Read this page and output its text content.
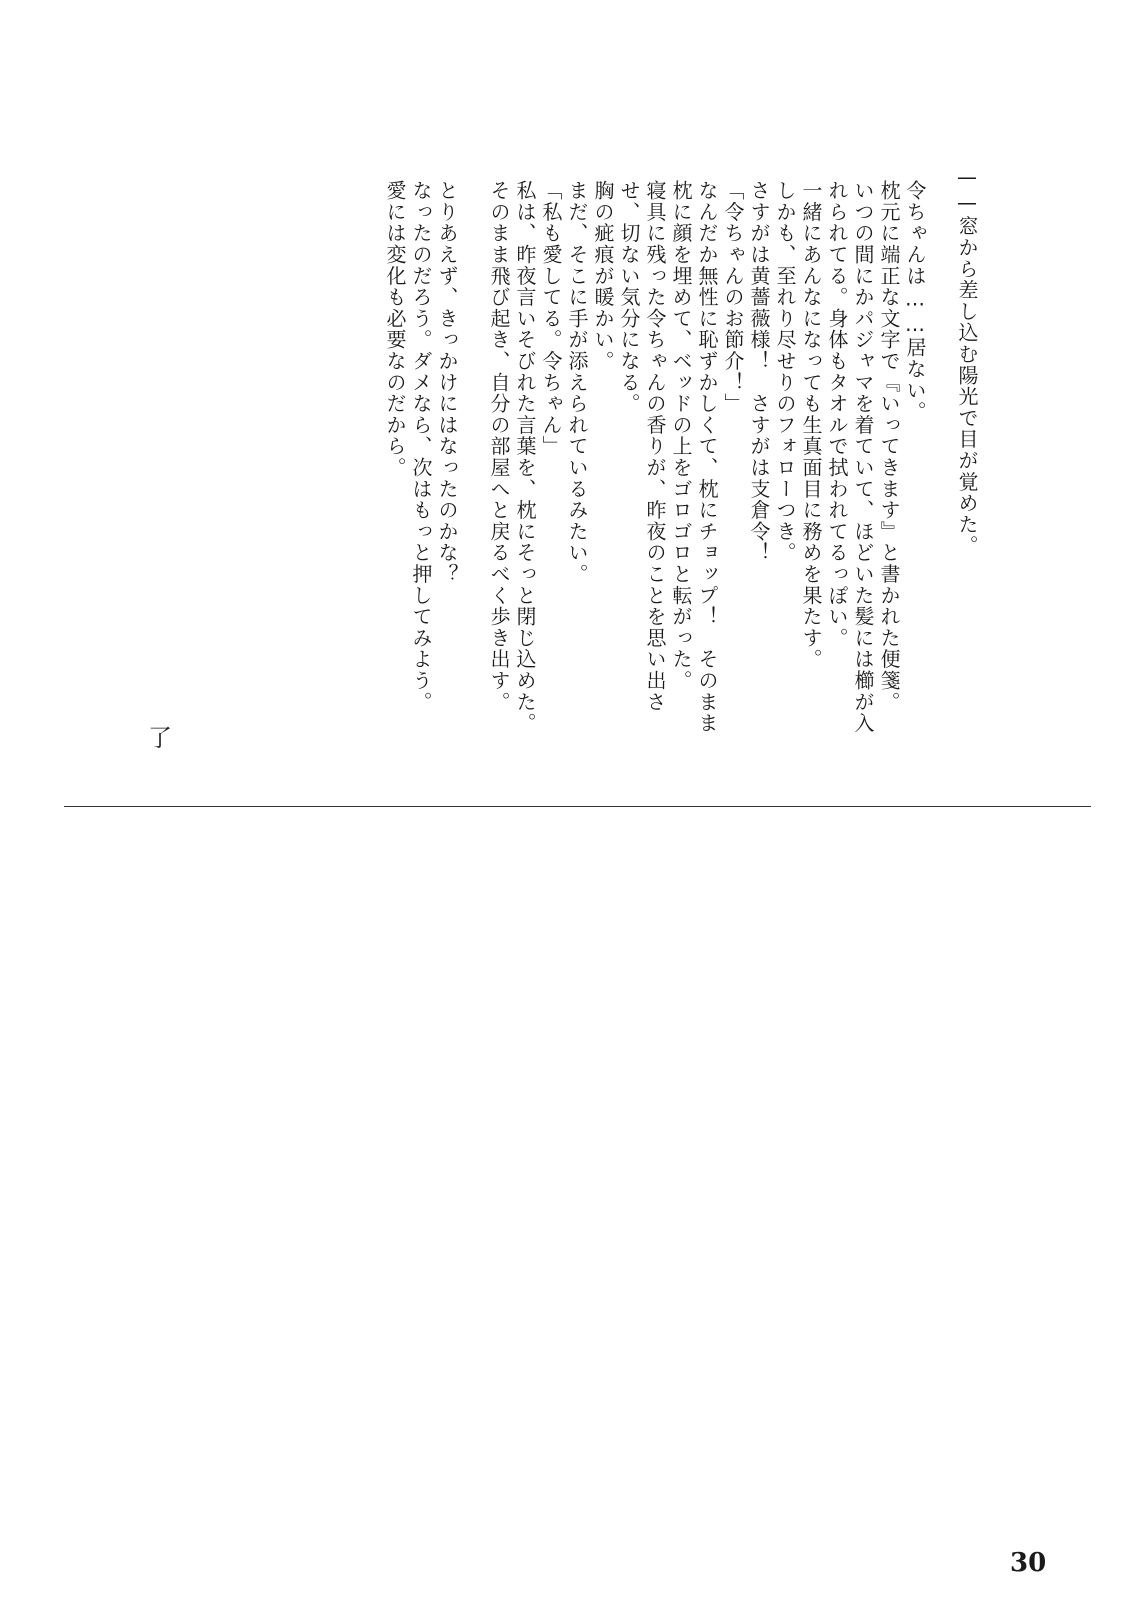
——窓から差し込む陽光で目が覚めた。
令ちゃんは……居ない。
枕元に端正な文字で『いってきます』と書かれた便箋。
いつの間にかパジャマを着ていて、ほどいた髪には櫛が入
れられてる。身体もタオルで拭われてるっぽい。
一緒にあんなになっても生真面目に務めを果たす。
しかも、至れり尽せりのフォローつき。
さすがは黄薔薇様！　さすがは支倉令！
「令ちゃんのお節介！」
なんだか無性に恥ずかしくて、枕にチョップ！　そのまま
枕に顔を埋めて、ベッドの上をゴロゴロと転がった。
寝具に残った令ちゃんの香りが、昨夜のことを思い出さ
せ、切ない気分になる。
胸の疵痕が暖かい。
まだ、そこに手が添えられているみたい。
「私も愛してる。令ちゃん」
私は、昨夜言いそびれた言葉を、枕にそっと閉じ込めた。
そのまま飛び起き、自分の部屋へと戻るべく歩き出す。
とりあえず、きっかけにはなったのかな？
なったのだろう。ダメなら、次はもっと押してみよう。
愛には変化も必要なのだから。
了
30
